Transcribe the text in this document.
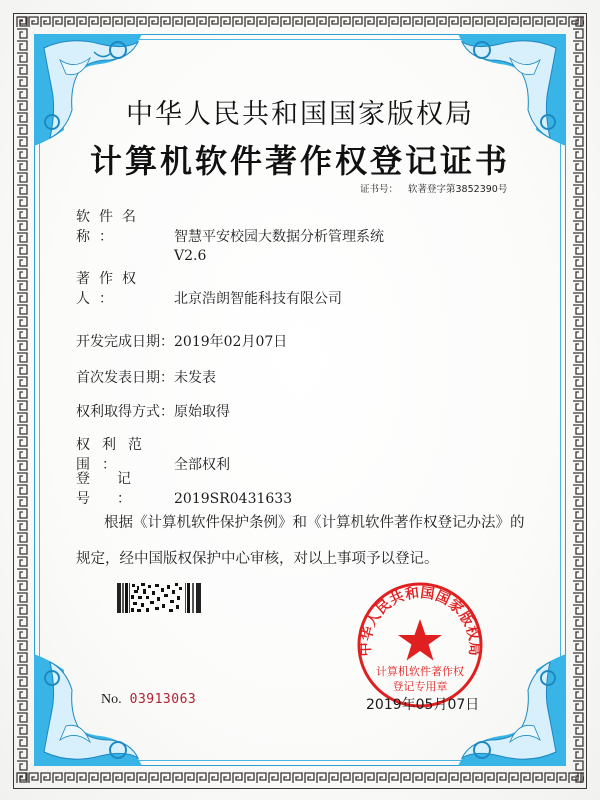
中华人民共和国国家版权局
计算机软件著作权登记证书
证书号： 软著登字第3852390号
软件名称：	智慧平安校园大数据分析管理系统
V2.6
著作权人：	北京浩朗智能科技有限公司
开发完成日期：2019年02月07日
首次发表日期：未发表
权利取得方式：原始取得
权利范围：	全部权利
登记号： 2019SR0431633
根据《计算机软件保护条例》和《计算机软件著作权登记办法》的
规定，经中国版权保护中心审核，对以上事项予以登记。
中华人民共和国国家版权局
计算机软件著作权
登记专用章
2019年05月07日
No. 03913063
